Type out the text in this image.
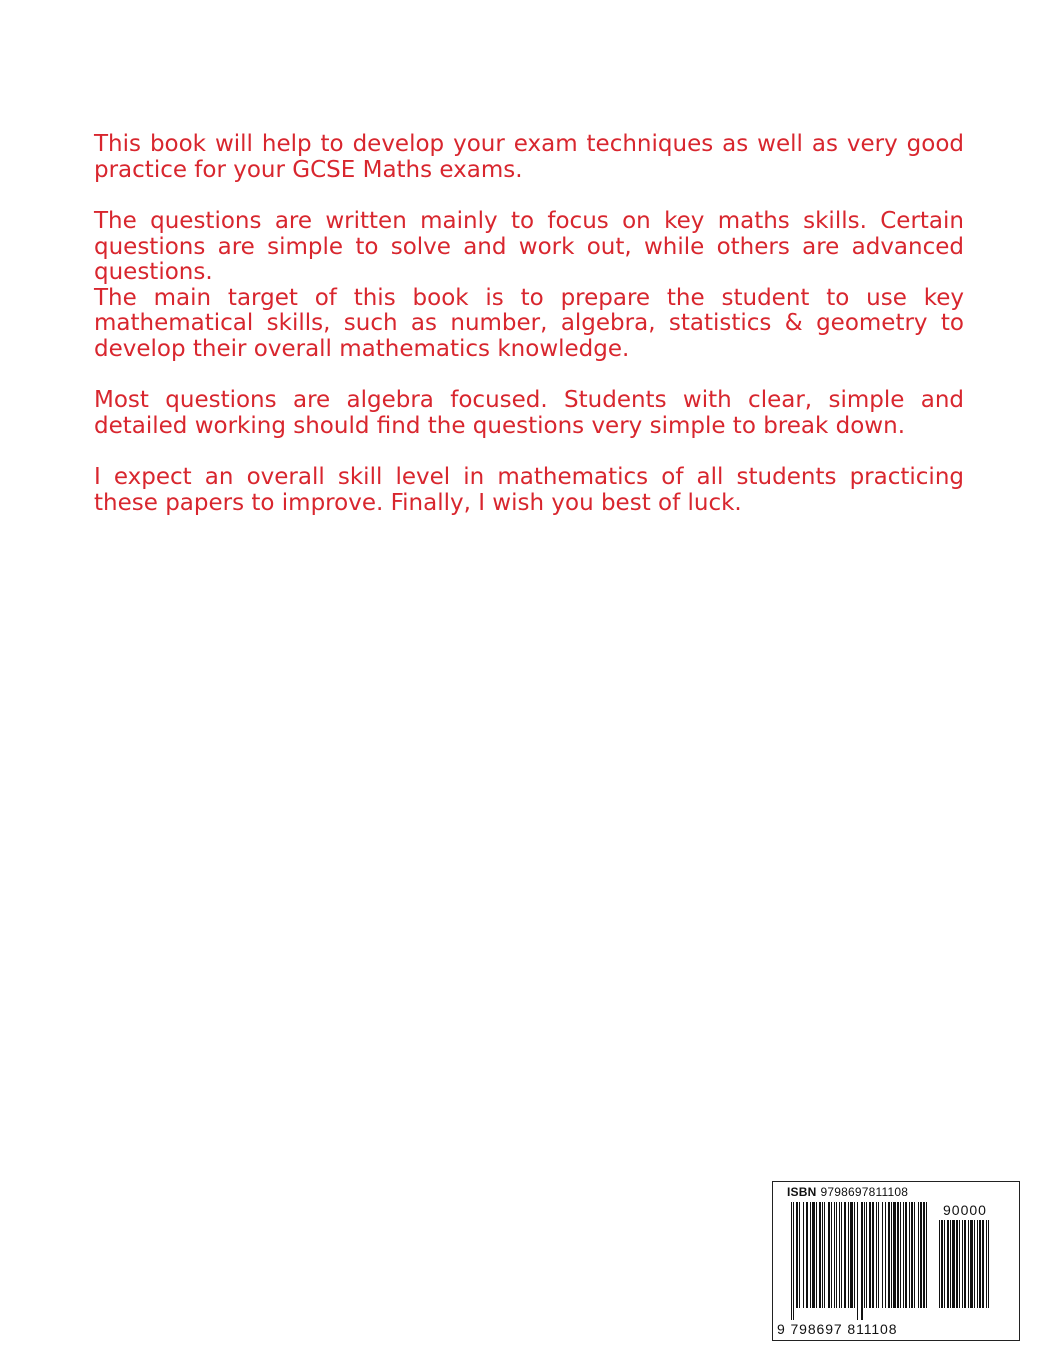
This book will help to develop your exam techniques as well as very good practice for your GCSE Maths exams.

The questions are written mainly to focus on key maths skills. Certain questions are simple to solve and work out, while others are advanced questions.

The main target of this book is to prepare the student to use key mathematical skills, such as number, algebra, statistics & geometry to develop their overall mathematics knowledge.

Most questions are algebra focused. Students with clear, simple and detailed working should find the questions very simple to break down.

I expect an overall skill level in mathematics of all students practicing these papers to improve. Finally, I wish you best of luck.

ISBN 9798697811108
90000
9 798697 811108
